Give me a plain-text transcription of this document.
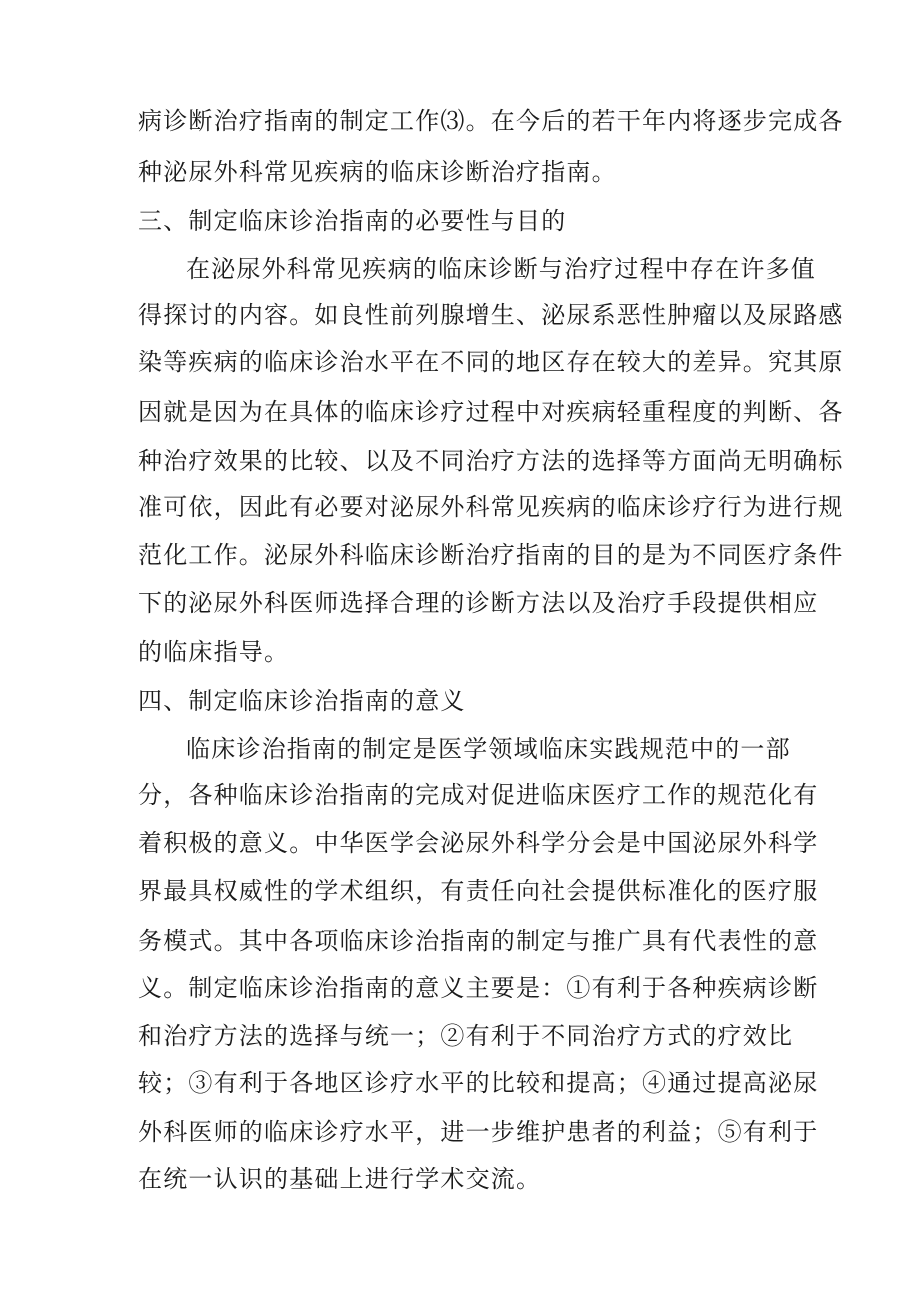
病诊断治疗指南的制定工作⑶。在今后的若干年内将逐步完成各
种泌尿外科常见疾病的临床诊断治疗指南。
三、制定临床诊治指南的必要性与目的
在泌尿外科常见疾病的临床诊断与治疗过程中存在许多值
得探讨的内容。如良性前列腺增生、泌尿系恶性肿瘤以及尿路感
染等疾病的临床诊治水平在不同的地区存在较大的差异。究其原
因就是因为在具体的临床诊疗过程中对疾病轻重程度的判断、各
种治疗效果的比较、以及不同治疗方法的选择等方面尚无明确标
准可依，因此有必要对泌尿外科常见疾病的临床诊疗行为进行规
范化工作。泌尿外科临床诊断治疗指南的目的是为不同医疗条件
下的泌尿外科医师选择合理的诊断方法以及治疗手段提供相应
的临床指导。
四、制定临床诊治指南的意义
临床诊治指南的制定是医学领域临床实践规范中的一部
分，各种临床诊治指南的完成对促进临床医疗工作的规范化有
着积极的意义。中华医学会泌尿外科学分会是中国泌尿外科学
界最具权威性的学术组织，有责任向社会提供标准化的医疗服
务模式。其中各项临床诊治指南的制定与推广具有代表性的意
义。制定临床诊治指南的意义主要是：①有利于各种疾病诊断
和治疗方法的选择与统一；②有利于不同治疗方式的疗效比
较；③有利于各地区诊疗水平的比较和提高；④通过提高泌尿
外科医师的临床诊疗水平，进一步维护患者的利益；⑤有利于
在统一认识的基础上进行学术交流。
